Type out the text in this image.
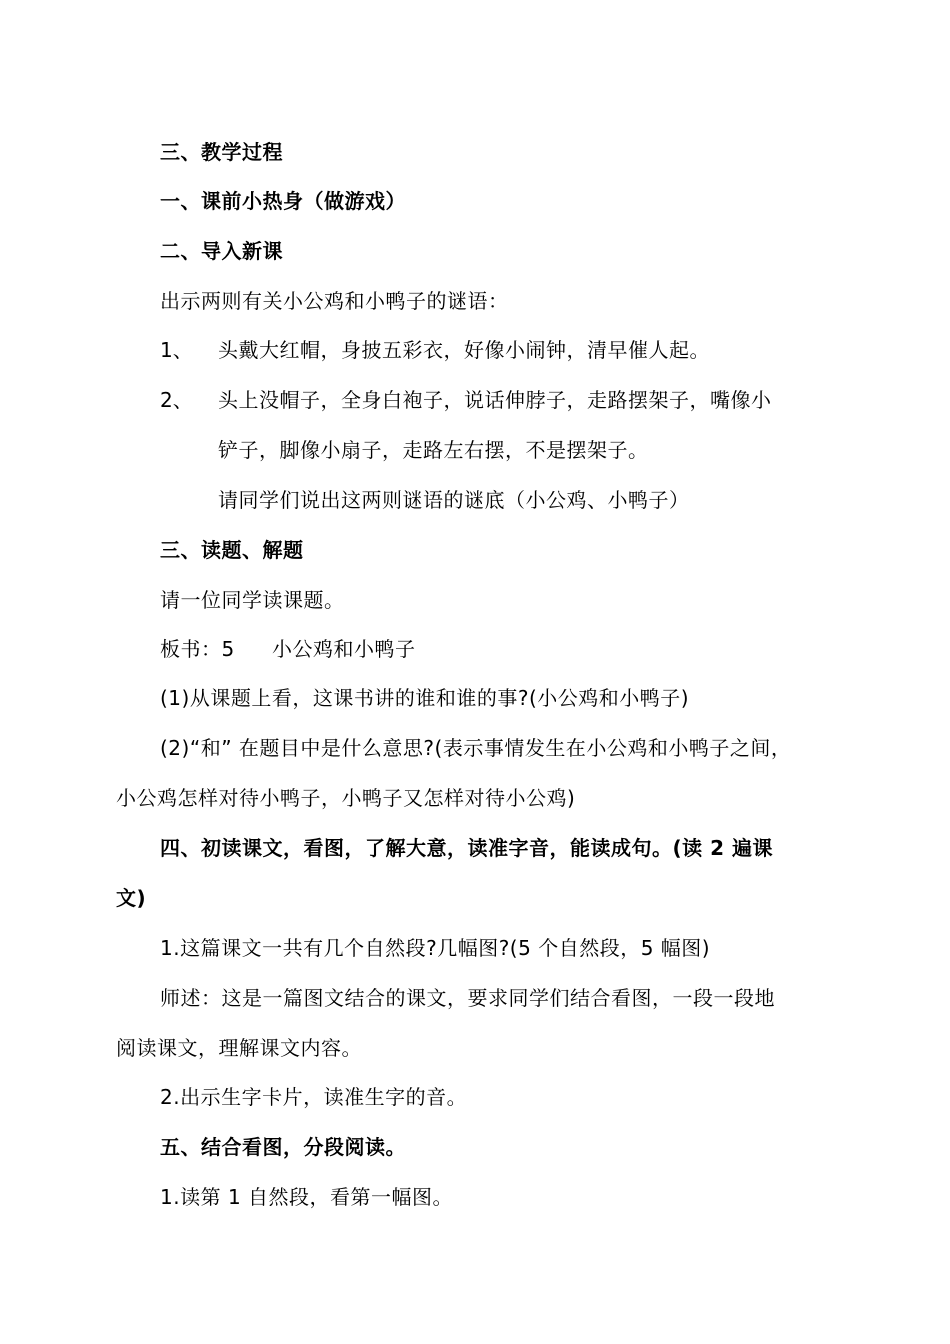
三、教学过程
一、课前小热身（做游戏）
二、导入新课
出示两则有关小公鸡和小鸭子的谜语：
1、 头戴大红帽，身披五彩衣，好像小闹钟，清早催人起。
2、 头上没帽子，全身白袍子，说话伸脖子，走路摆架子，嘴像小
铲子，脚像小扇子，走路左右摆，不是摆架子。
请同学们说出这两则谜语的谜底（小公鸡、小鸭子）
三、读题、解题
请一位同学读课题。
板书：5 小公鸡和小鸭子
(1)从课题上看，这课书讲的谁和谁的事?(小公鸡和小鸭子)
(2)“和” 在题目中是什么意思?(表示事情发生在小公鸡和小鸭子之间，
小公鸡怎样对待小鸭子，小鸭子又怎样对待小公鸡)
四、初读课文，看图，了解大意，读准字音，能读成句。(读 2 遍课
文)
1.这篇课文一共有几个自然段?几幅图?(5 个自然段，5 幅图)
师述：这是一篇图文结合的课文，要求同学们结合看图，一段一段地
阅读课文，理解课文内容。
2.出示生字卡片，读准生字的音。
五、结合看图，分段阅读。
1.读第 1 自然段，看第一幅图。
